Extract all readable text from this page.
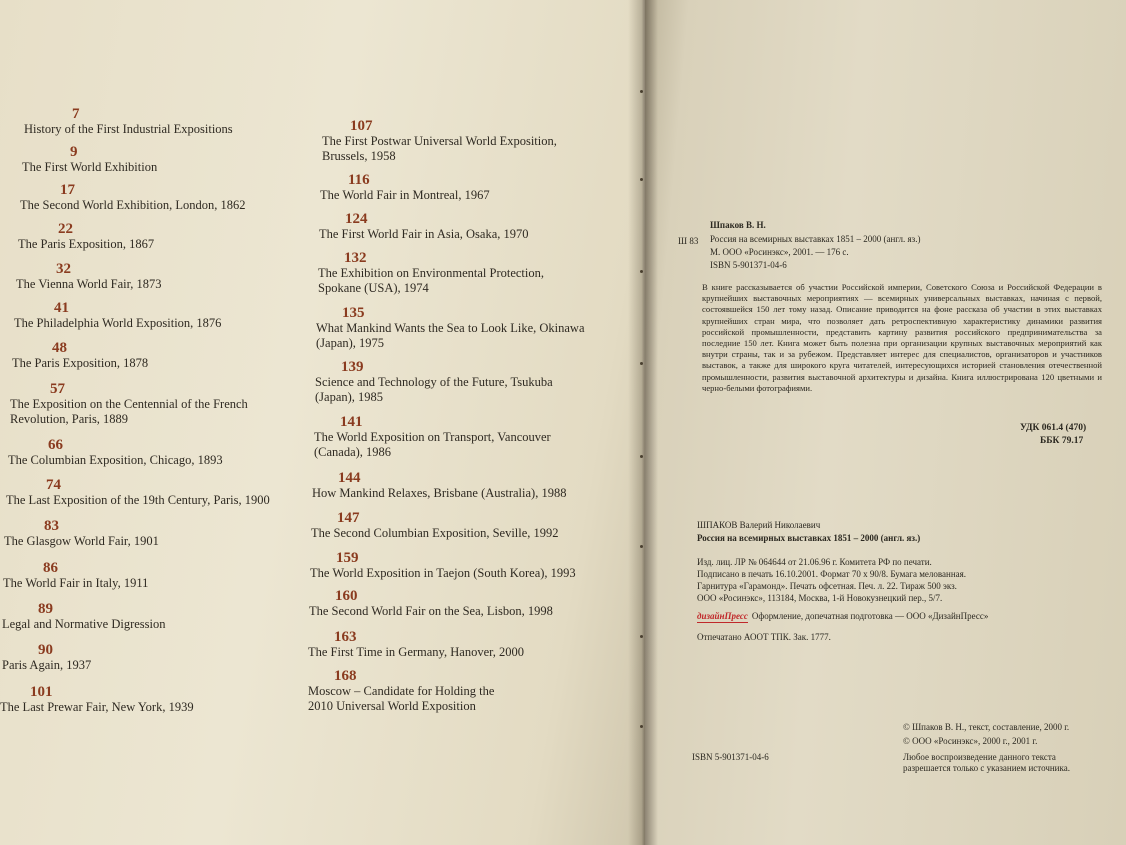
7
History of the First Industrial Expositions
9
The First World Exhibition
17
The Second World Exhibition, London, 1862
22
The Paris Exposition, 1867
32
The Vienna World Fair, 1873
41
The Philadelphia World Exposition, 1876
48
The Paris Exposition, 1878
57
The Exposition on the Centennial of the French Revolution, Paris, 1889
66
The Columbian Exposition, Chicago, 1893
74
The Last Exposition of the 19th Century, Paris, 1900
83
The Glasgow World Fair, 1901
86
The World Fair in Italy, 1911
89
Legal and Normative Digression
90
Paris Again, 1937
101
The Last Prewar Fair, New York, 1939
107
The First Postwar Universal World Exposition, Brussels, 1958
116
The World Fair in Montreal, 1967
124
The First World Fair in Asia, Osaka, 1970
132
The Exhibition on Environmental Protection, Spokane (USA), 1974
135
What Mankind Wants the Sea to Look Like, Okinawa (Japan), 1975
139
Science and Technology of the Future, Tsukuba (Japan), 1985
141
The World Exposition on Transport, Vancouver (Canada), 1986
144
How Mankind Relaxes, Brisbane (Australia), 1988
147
The Second Columbian Exposition, Seville, 1992
159
The World Exposition in Taejon (South Korea), 1993
160
The Second World Fair on the Sea, Lisbon, 1998
163
The First Time in Germany, Hanover, 2000
168
Moscow – Candidate for Holding the 2010 Universal World Exposition
Шпаков В. Н.
Ш 83 Россия на всемирных выставках 1851 – 2000 (англ. яз.)
М. ООО «Росинэкс», 2001. — 176 с.
ISBN 5-901371-04-6
В книге рассказывается об участии Российской империи, Советского Союза и Российской Федерации в крупнейших выставочных мероприятиях — всемирных универсальных выставках, начиная с первой, состоявшейся 150 лет тому назад. Описание приводится на фоне рассказа об участии в этих выставках крупнейших стран мира, что позволяет дать ретроспективную характеристику динамики развития российской промышленности, представить картину развития российского предпринимательства за последние 150 лет. Книга может быть полезна при организации крупных выставочных мероприятий как внутри страны, так и за рубежом. Представляет интерес для специалистов, организаторов и участников выставок, а также для широкого круга читателей, интересующихся историей становления отечественной промышленности, развития выставочной архитектуры и дизайна. Книга иллюстрирована 120 цветными и черно-белыми фотографиями.
УДК 061.4 (470)
ББК 79.17
ШПАКОВ Валерий Николаевич
Россия на всемирных выставках 1851 – 2000 (англ. яз.)
Изд. лиц. ЛР № 064644 от 21.06.96 г. Комитета РФ по печати.
Подписано в печать 16.10.2001. Формат 70 х 90/8. Бумага мелованная.
Гарнитура «Гарамонд». Печать офсетная. Печ. л. 22. Тираж 500 экз.
ООО «Росинэкс», 113184, Москва, 1-й Новокузнецкий пер., 5/7.
дизайнПресс Оформление, допечатная подготовка — ООО «ДизайнПресс»
Отпечатано АООТ ТПК. Зак. 1777.
ISBN 5-901371-04-6
© Шпаков В. Н., текст, составление, 2000 г.
© ООО «Росинэкс», 2000 г., 2001 г.
Любое воспроизведение данного текста разрешается только с указанием источника.
